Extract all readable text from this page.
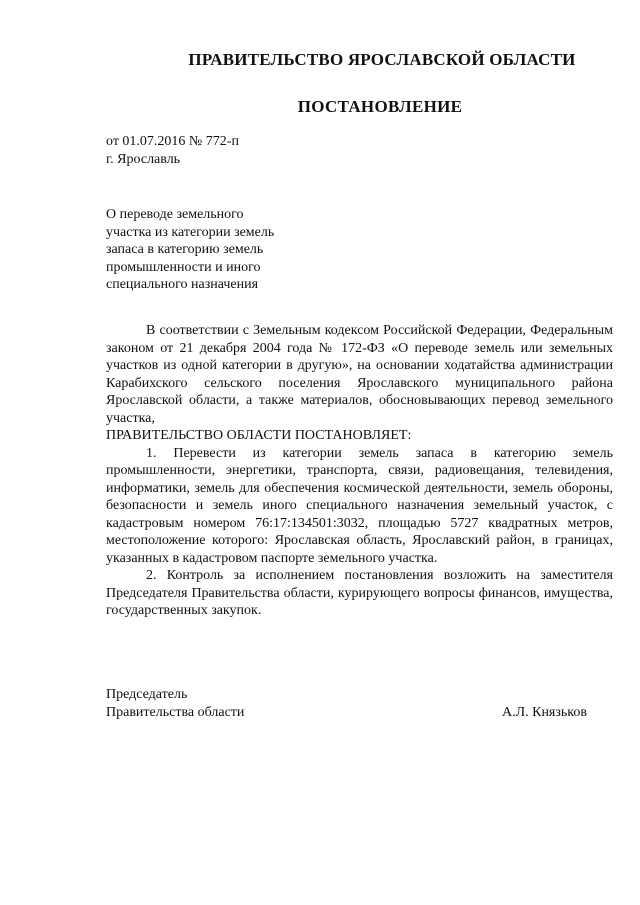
ПРАВИТЕЛЬСТВО ЯРОСЛАВСКОЙ ОБЛАСТИ
ПОСТАНОВЛЕНИЕ
от 01.07.2016 № 772-п
г. Ярославль
О переводе земельного
участка из категории земель
запаса в категорию земель
промышленности и иного
специального назначения

В соответствии с Земельным кодексом Российской Федерации, Федеральным законом от 21 декабря 2004 года № 172-ФЗ «О переводе земель или земельных участков из одной категории в другую», на основании ходатайства администрации Карабихского сельского поселения Ярославского муниципального района Ярославской области, а также материалов, обосновывающих перевод земельного участка,

ПРАВИТЕЛЬСТВО ОБЛАСТИ ПОСТАНОВЛЯЕТ:

1. Перевести из категории земель запаса в категорию земель промышленности, энергетики, транспорта, связи, радиовещания, телевидения, информатики, земель для обеспечения космической деятельности, земель обороны, безопасности и земель иного специального назначения земельный участок, с кадастровым номером 76:17:134501:3032, площадью 5727 квадратных метров, местоположение которого: Ярославская область, Ярославский район, в границах, указанных в кадастровом паспорте земельного участка.

2. Контроль за исполнением постановления возложить на заместителя Председателя Правительства области, курирующего вопросы финансов, имущества, государственных закупок.

Председатель
Правительства области	А.Л. Князьков
